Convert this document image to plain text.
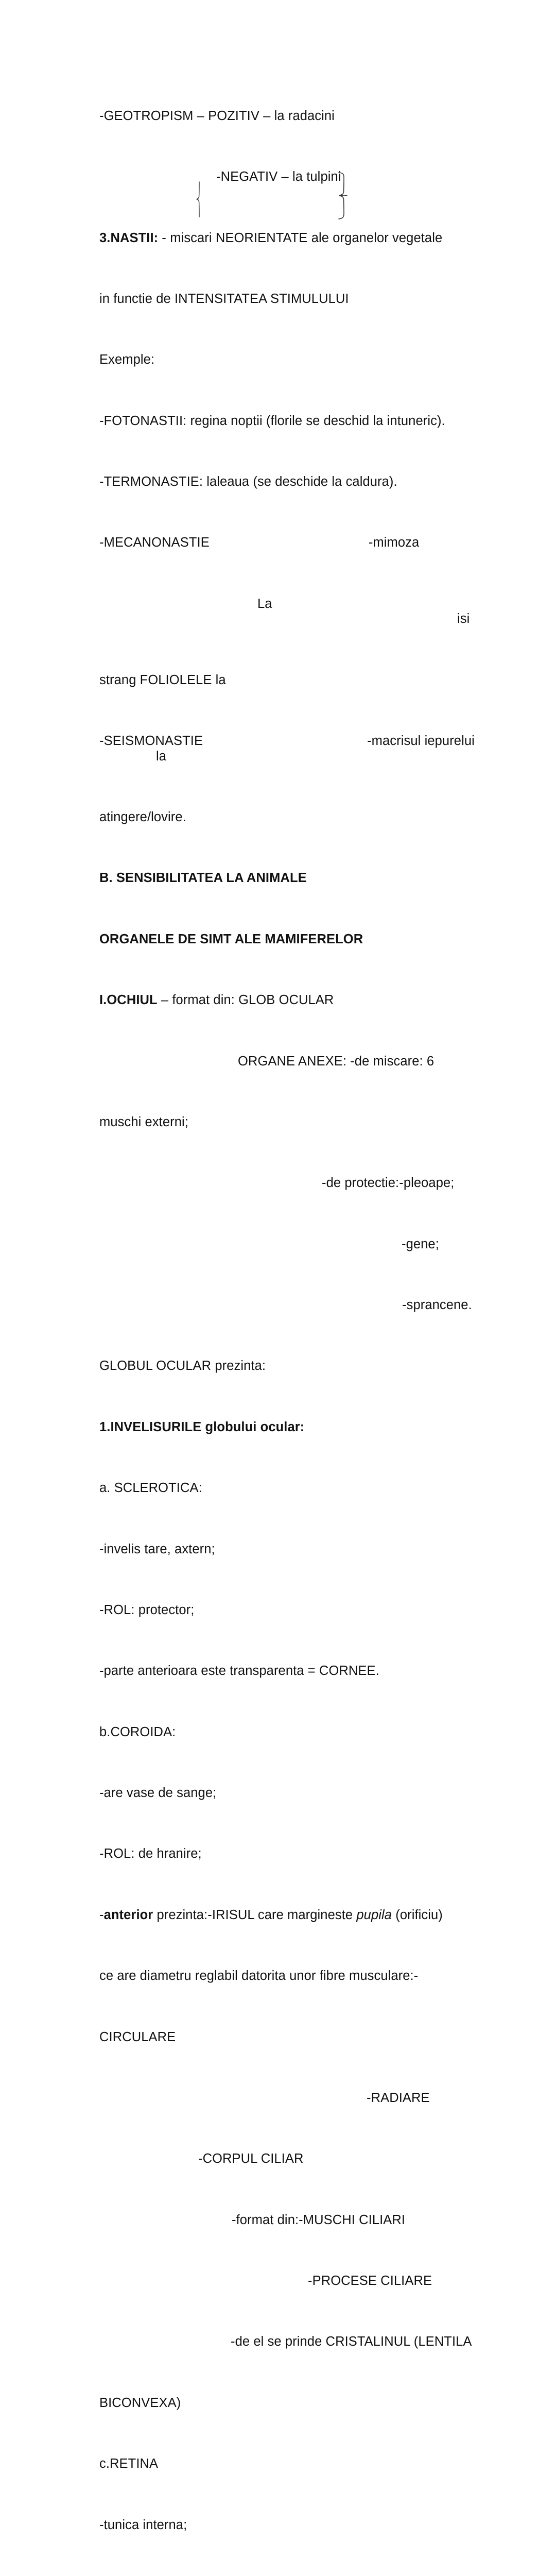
-GEOTROPISM – POZITIV – la radacini

-NEGATIV – la tulpini

3.NASTII: - miscari NEORIENTATE ale organelor vegetale

in functie de INTENSITATEA STIMULULUI

Exemple:

-FOTONASTII: regina noptii (florile se deschid la intuneric).

-TERMONASTIE: laleaua (se deschide la caldura).

-MECANONASTIE	-mimoza

Laisi

strang FOLIOLELE la

-SEISMONASTIE	-macrisul iepureluila

atingere/lovire.

B. SENSIBILITATEA LA ANIMALE

ORGANELE DE SIMT ALE MAMIFERELOR

I.OCHIUL – format din: GLOB OCULAR

ORGANE ANEXE: -de miscare: 6

muschi externi;

-de protectie:-pleoape;

-gene;

-sprancene.

GLOBUL OCULAR prezinta:

1.INVELISURILE globului ocular:

a. SCLEROTICA:

-invelis tare, axtern;

-ROL: protector;

-parte anterioara este transparenta = CORNEE.

b.COROIDA:

-are vase de sange;

-ROL: de hranire;

-anterior prezinta:-IRISUL care margineste pupila (orificiu)

ce are diametru reglabil datorita unor fibre musculare:-

CIRCULARE

-RADIARE

-CORPUL CILIAR

-format din:-MUSCHI CILIARI

-PROCESE CILIARE

-de el se prinde CRISTALINUL (LENTILA

BICONVEXA)

c.RETINA

-tunica interna;
